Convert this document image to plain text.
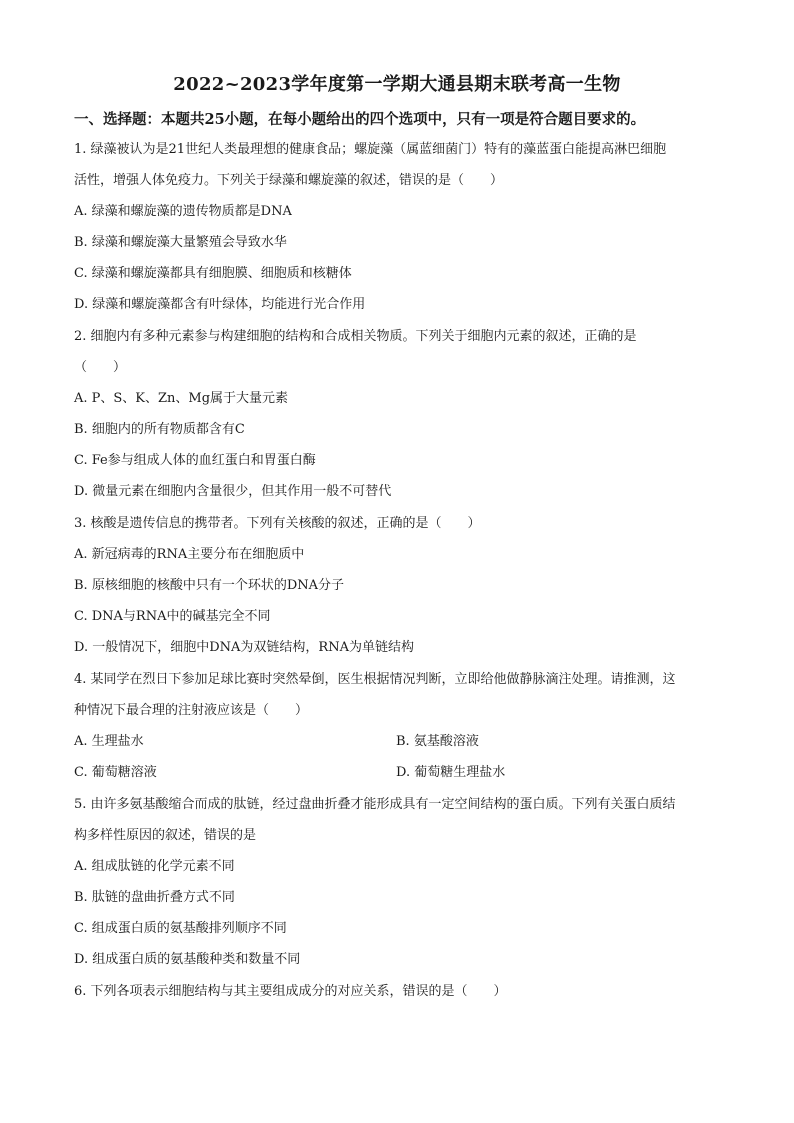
2022~2023学年度第一学期大通县期末联考高一生物
一、选择题：本题共25小题，在每小题给出的四个选项中，只有一项是符合题目要求的。
1. 绿藻被认为是21世纪人类最理想的健康食品；螺旋藻（属蓝细菌门）特有的藻蓝蛋白能提高淋巴细胞
活性，增强人体免疫力。下列关于绿藻和螺旋藻的叙述，错误的是（　　）
A. 绿藻和螺旋藻的遗传物质都是DNA
B. 绿藻和螺旋藻大量繁殖会导致水华
C. 绿藻和螺旋藻都具有细胞膜、细胞质和核糖体
D. 绿藻和螺旋藻都含有叶绿体，均能进行光合作用
2. 细胞内有多种元素参与构建细胞的结构和合成相关物质。下列关于细胞内元素的叙述，正确的是
（　　）
A. P、S、K、Zn、Mg属于大量元素
B. 细胞内的所有物质都含有C
C. Fe参与组成人体的血红蛋白和胃蛋白酶
D. 微量元素在细胞内含量很少，但其作用一般不可替代
3. 核酸是遗传信息的携带者。下列有关核酸的叙述，正确的是（　　）
A. 新冠病毒的RNA主要分布在细胞质中
B. 原核细胞的核酸中只有一个环状的DNA分子
C. DNA与RNA中的碱基完全不同
D. 一般情况下，细胞中DNA为双链结构，RNA为单链结构
4. 某同学在烈日下参加足球比赛时突然晕倒，医生根据情况判断，立即给他做静脉滴注处理。请推测，这
种情况下最合理的注射液应该是（　　）
A. 生理盐水	B. 氨基酸溶液
C. 葡萄糖溶液	D. 葡萄糖生理盐水
5. 由许多氨基酸缩合而成的肽链，经过盘曲折叠才能形成具有一定空间结构的蛋白质。下列有关蛋白质结
构多样性原因的叙述，错误的是
A. 组成肽链的化学元素不同
B. 肽链的盘曲折叠方式不同
C. 组成蛋白质的氨基酸排列顺序不同
D. 组成蛋白质的氨基酸种类和数量不同
6. 下列各项表示细胞结构与其主要组成成分的对应关系，错误的是（　　）
